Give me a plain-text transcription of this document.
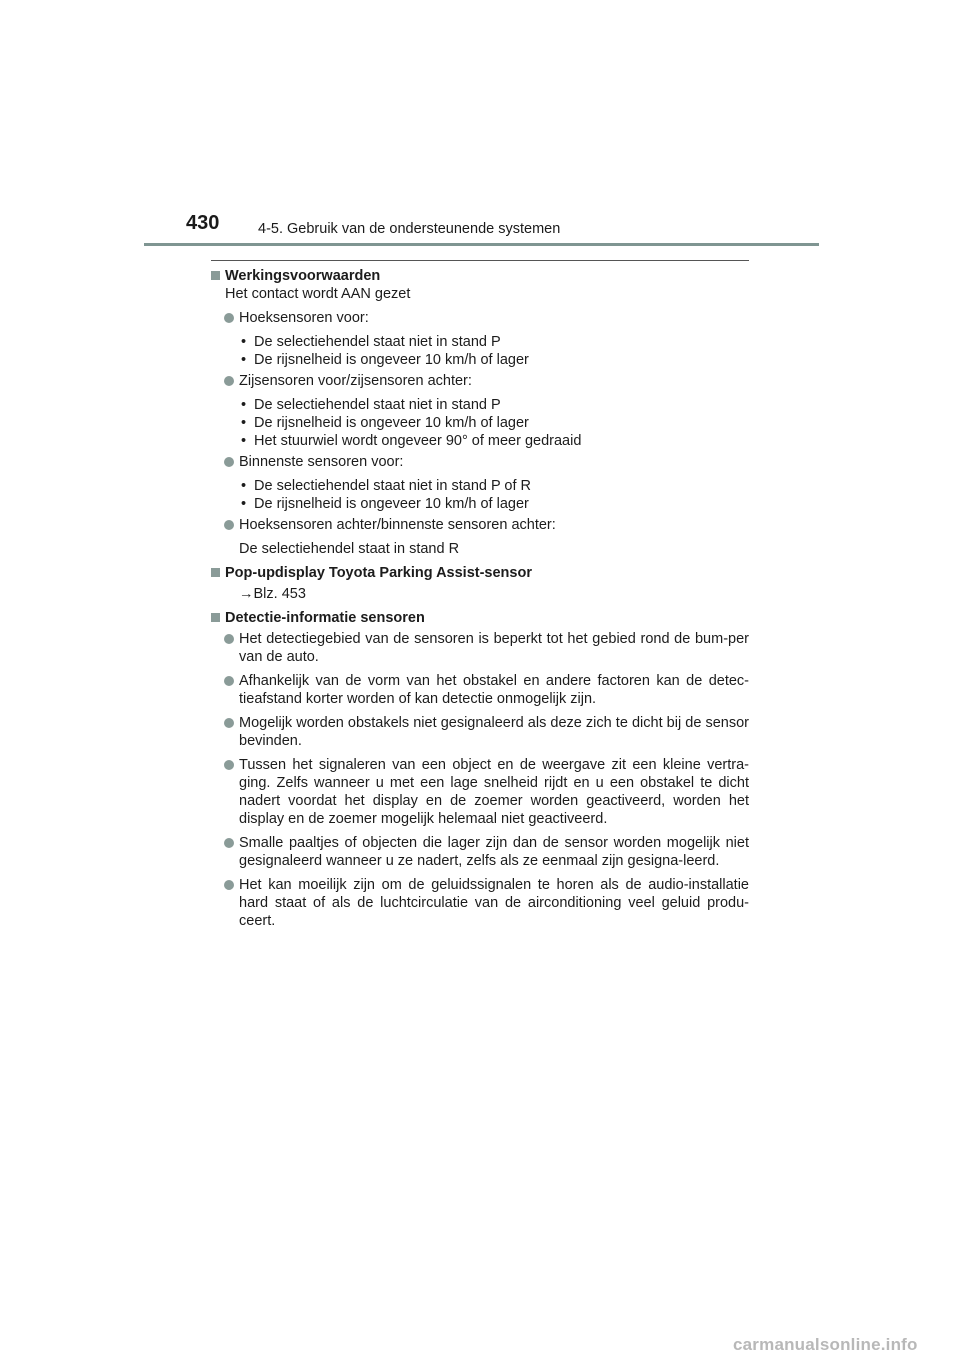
430	4-5. Gebruik van de ondersteunende systemen
Werkingsvoorwaarden
Het contact wordt AAN gezet
Hoeksensoren voor:
• De selectiehendel staat niet in stand P
• De rijsnelheid is ongeveer 10 km/h of lager
Zijsensoren voor/zijsensoren achter:
• De selectiehendel staat niet in stand P
• De rijsnelheid is ongeveer 10 km/h of lager
• Het stuurwiel wordt ongeveer 90° of meer gedraaid
Binnenste sensoren voor:
• De selectiehendel staat niet in stand P of R
• De rijsnelheid is ongeveer 10 km/h of lager
Hoeksensoren achter/binnenste sensoren achter:
De selectiehendel staat in stand R
Pop-updisplay Toyota Parking Assist-sensor
→Blz. 453
Detectie-informatie sensoren
Het detectiegebied van de sensoren is beperkt tot het gebied rond de bum-per van de auto.
Afhankelijk van de vorm van het obstakel en andere factoren kan de detec-tieafstand korter worden of kan detectie onmogelijk zijn.
Mogelijk worden obstakels niet gesignaleerd als deze zich te dicht bij de sensor bevinden.
Tussen het signaleren van een object en de weergave zit een kleine vertra-ging. Zelfs wanneer u met een lage snelheid rijdt en u een obstakel te dicht nadert voordat het display en de zoemer worden geactiveerd, worden het display en de zoemer mogelijk helemaal niet geactiveerd.
Smalle paaltjes of objecten die lager zijn dan de sensor worden mogelijk niet gesignaleerd wanneer u ze nadert, zelfs als ze eenmaal zijn gesigna-leerd.
Het kan moeilijk zijn om de geluidssignalen te horen als de audio-installatie hard staat of als de luchtcirculatie van de airconditioning veel geluid produ-ceert.
carmanualsonline.info
